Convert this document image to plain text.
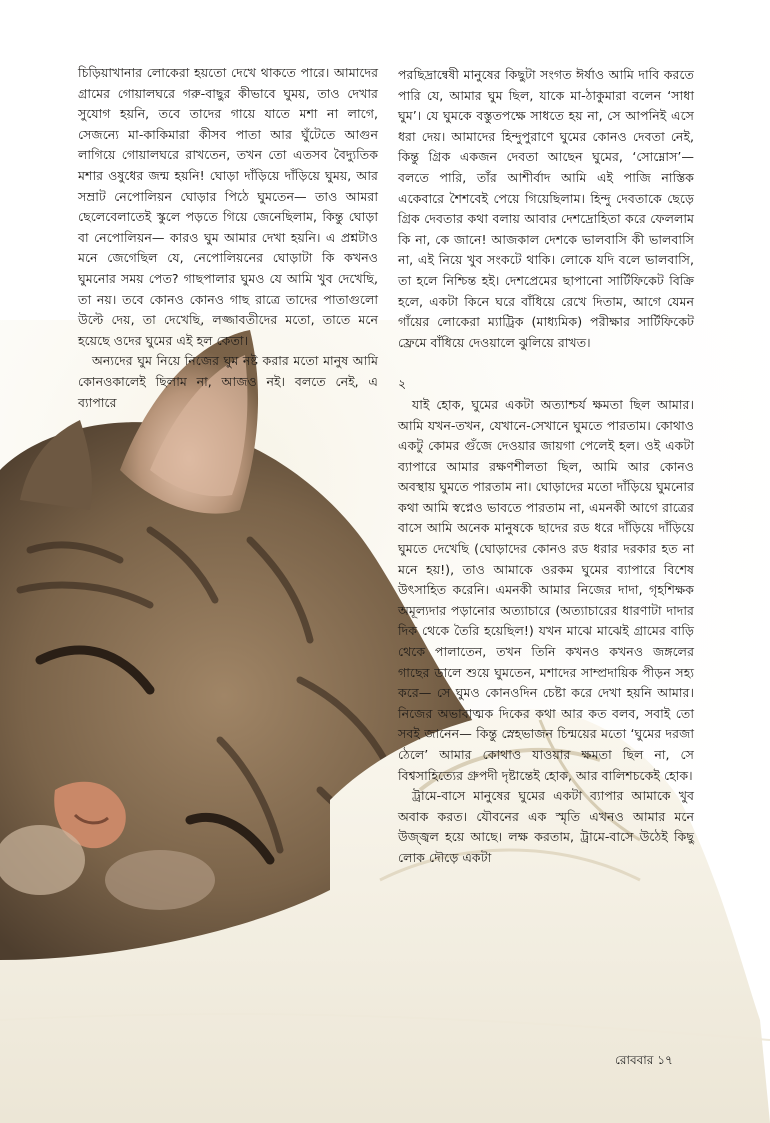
চিড়িয়াখানার লোকেরা হয়তো দেখে থাকতে পারে। আমাদের গ্রামের গোয়ালঘরে গরু-বাছুর কীভাবে ঘুময়, তাও দেখার সুযোগ হয়নি, তবে তাদের গায়ে যাতে মশা না লাগে, সেজন্যে মা-কাকিমারা কীসব পাতা আর ঘুঁটেতে আগুন লাগিয়ে গোয়ালঘরে রাখতেন, তখন তো এতসব বৈদ্যুতিক মশার ওষুধের জন্ম হয়নি! ঘোড়া দাঁড়িয়ে দাঁড়িয়ে ঘুময়, আর সম্রাট নেপোলিয়ন ঘোড়ার পিঠে ঘুমতেন— তাও আমরা ছেলেবেলাতেই স্কুলে পড়তে গিয়ে জেনেছিলাম, কিন্তু ঘোড়া বা নেপোলিয়ন— কারও ঘুম আমার দেখা হয়নি। এ প্রশ্নটাও মনে জেগেছিল যে, নেপোলিয়নের ঘোড়াটা কি কখনও ঘুমনোর সময় পেত? গাছপালার ঘুমও যে আমি খুব দেখেছি, তা নয়। তবে কোনও কোনও গাছ রাত্রে তাদের পাতাগুলো উল্টে দেয়, তা দেখেছি, লজ্জাবতীদের মতো, তাতে মনে হয়েছে ওদের ঘুমের এই হল কেতা।

অন্যদের ঘুম নিয়ে নিজের ঘুম নষ্ট করার মতো মানুষ আমি কোনওকালেই ছিলাম না, আজও নই। বলতে নেই, এ ব্যাপারে

পরছিদ্রান্বেষী মানুষের কিছুটা সংগত ঈর্ষাও আমি দাবি করতে পারি যে, আমার ঘুম ছিল, যাকে মা-ঠাকুমারা বলেন ‘সাধা ঘুম’। যে ঘুমকে বস্তুতপক্ষে সাধতে হয় না, সে আপনিই এসে ধরা দেয়। আমাদের হিন্দুপুরাণে ঘুমের কোনও দেবতা নেই, কিন্তু গ্রিক একজন দেবতা আছেন ঘুমের, ‘সোম্নোস’— বলতে পারি, তাঁর আশীর্বাদ আমি এই পাজি নাস্তিক একেবারে শৈশবেই পেয়ে গিয়েছিলাম। হিন্দু দেবতাকে ছেড়ে গ্রিক দেবতার কথা বলায় আবার দেশদ্রোহিতা করে ফেললাম কি না, কে জানে! আজকাল দেশকে ভালবাসি কী ভালবাসি না, এই নিয়ে খুব সংকটে থাকি। লোকে যদি বলে ভালবাসি, তা হলে নিশ্চিন্ত হই। দেশপ্রেমের ছাপানো সার্টিফিকেট বিক্রি হলে, একটা কিনে ঘরে বাঁধিয়ে রেখে দিতাম, আগে যেমন গাঁয়ের লোকেরা ম্যাট্রিক (মাধ্যমিক) পরীক্ষার সার্টিফিকেট ফ্রেমে বাঁধিয়ে দেওয়ালে ঝুলিয়ে রাখত।

২

যাই হোক, ঘুমের একটা অত্যাশ্চর্য ক্ষমতা ছিল আমার। আমি যখন-তখন, যেখানে-সেখানে ঘুমতে পারতাম। কোথাও একটু কোমর গুঁজে দেওয়ার জায়গা পেলেই হল। ওই একটা ব্যাপারে আমার রক্ষণশীলতা ছিল, আমি আর কোনও অবস্থায় ঘুমতে পারতাম না। ঘোড়াদের মতো দাঁড়িয়ে ঘুমনোর কথা আমি স্বপ্নেও ভাবতে পারতাম না, এমনকী আগে রাত্রের বাসে আমি অনেক মানুষকে ছাদের রড ধরে দাঁড়িয়ে দাঁড়িয়ে ঘুমতে দেখেছি (ঘোড়াদের কোনও রড ধরার দরকার হত না মনে হয়!), তাও আমাকে ওরকম ঘুমের ব্যাপারে বিশেষ উৎসাহিত করেনি। এমনকী আমার নিজের দাদা, গৃহশিক্ষক অমূল্যদার পড়ানোর অত্যাচারে (অত্যাচারের ধারণাটা দাদার দিক থেকে তৈরি হয়েছিল!) যখন মাঝে মাঝেই গ্রামের বাড়ি থেকে পালাতেন, তখন তিনি কখনও কখনও জঙ্গলের গাছের ডালে শুয়ে ঘুমতেন, মশাদের সাম্প্রদায়িক পীড়ন সহ্য করে— সে ঘুমও কোনওদিন চেষ্টা করে দেখা হয়নি আমার। নিজের অভাবাত্মক দিকের কথা আর কত বলব, সবাই তো সবই জানেন— কিন্তু স্নেহভাজন চিন্ময়ের মতো ‘ঘুমের দরজা ঠেলে’ আমার কোথাও যাওয়ার ক্ষমতা ছিল না, সে বিশ্বসাহিত্যের গ্রুপদী দৃষ্টান্তেই হোক, আর বালিশচকেই হোক।

ট্রামে-বাসে মানুষের ঘুমের একটা ব্যাপার আমাকে খুব অবাক করত। যৌবনের এক স্মৃতি এখনও আমার মনে উজ্জ্বল হয়ে আছে। লক্ষ করতাম, ট্রামে-বাসে উঠেই কিছু লোক দৌড়ে একটা

রোববার ১৭
